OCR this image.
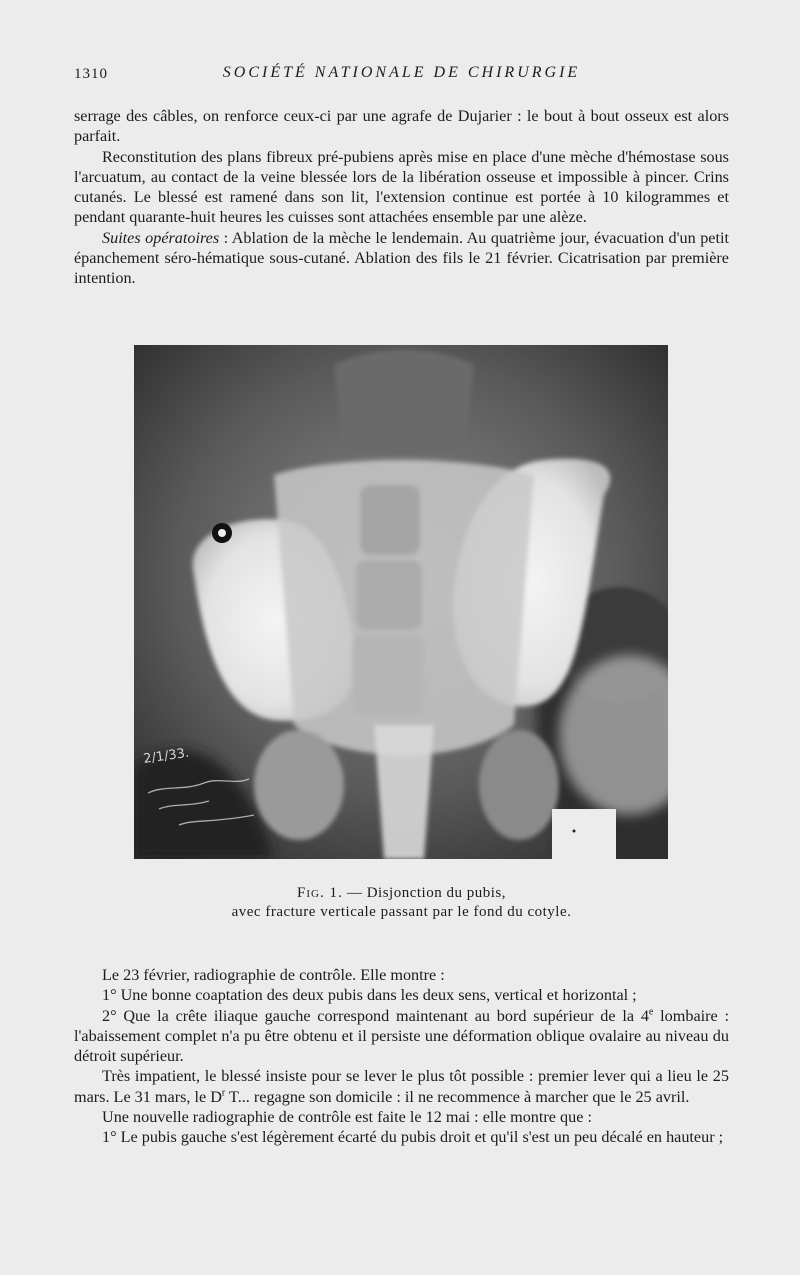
1310	SOCIÉTÉ NATIONALE DE CHIRURGIE

serrage des câbles, on renforce ceux-ci par une agrafe de Dujarier : le bout à bout osseux est alors parfait.

Reconstitution des plans fibreux pré-pubiens après mise en place d'une mèche d'hémostase sous l'arcuatum, au contact de la veine blessée lors de la libération osseuse et impossible à pincer. Crins cutanés. Le blessé est ramené dans son lit, l'extension continue est portée à 10 kilogrammes et pendant quarante-huit heures les cuisses sont attachées ensemble par une alèze.

Suites opératoires : Ablation de la mèche le lendemain. Au quatrième jour, évacuation d'un petit épanchement séro-hématique sous-cutané. Ablation des fils le 21 février. Cicatrisation par première intention.

2/1/33.
Fig. 1. — Disjonction du pubis,
avec fracture verticale passant par le fond du cotyle.

Le 23 février, radiographie de contrôle. Elle montre :

1° Une bonne coaptation des deux pubis dans les deux sens, vertical et horizontal ;

2° Que la crête iliaque gauche correspond maintenant au bord supérieur de la 4e lombaire : l'abaissement complet n'a pu être obtenu et il persiste une déformation oblique ovalaire au niveau du détroit supérieur.

Très impatient, le blessé insiste pour se lever le plus tôt possible : premier lever qui a lieu le 25 mars. Le 31 mars, le $D^r$ T... regagne son domicile : il ne recommence à marcher que le 25 avril.

Une nouvelle radiographie de contrôle est faite le 12 mai : elle montre que :

1° Le pubis gauche s'est légèrement écarté du pubis droit et qu'il s'est un peu décalé en hauteur ;
